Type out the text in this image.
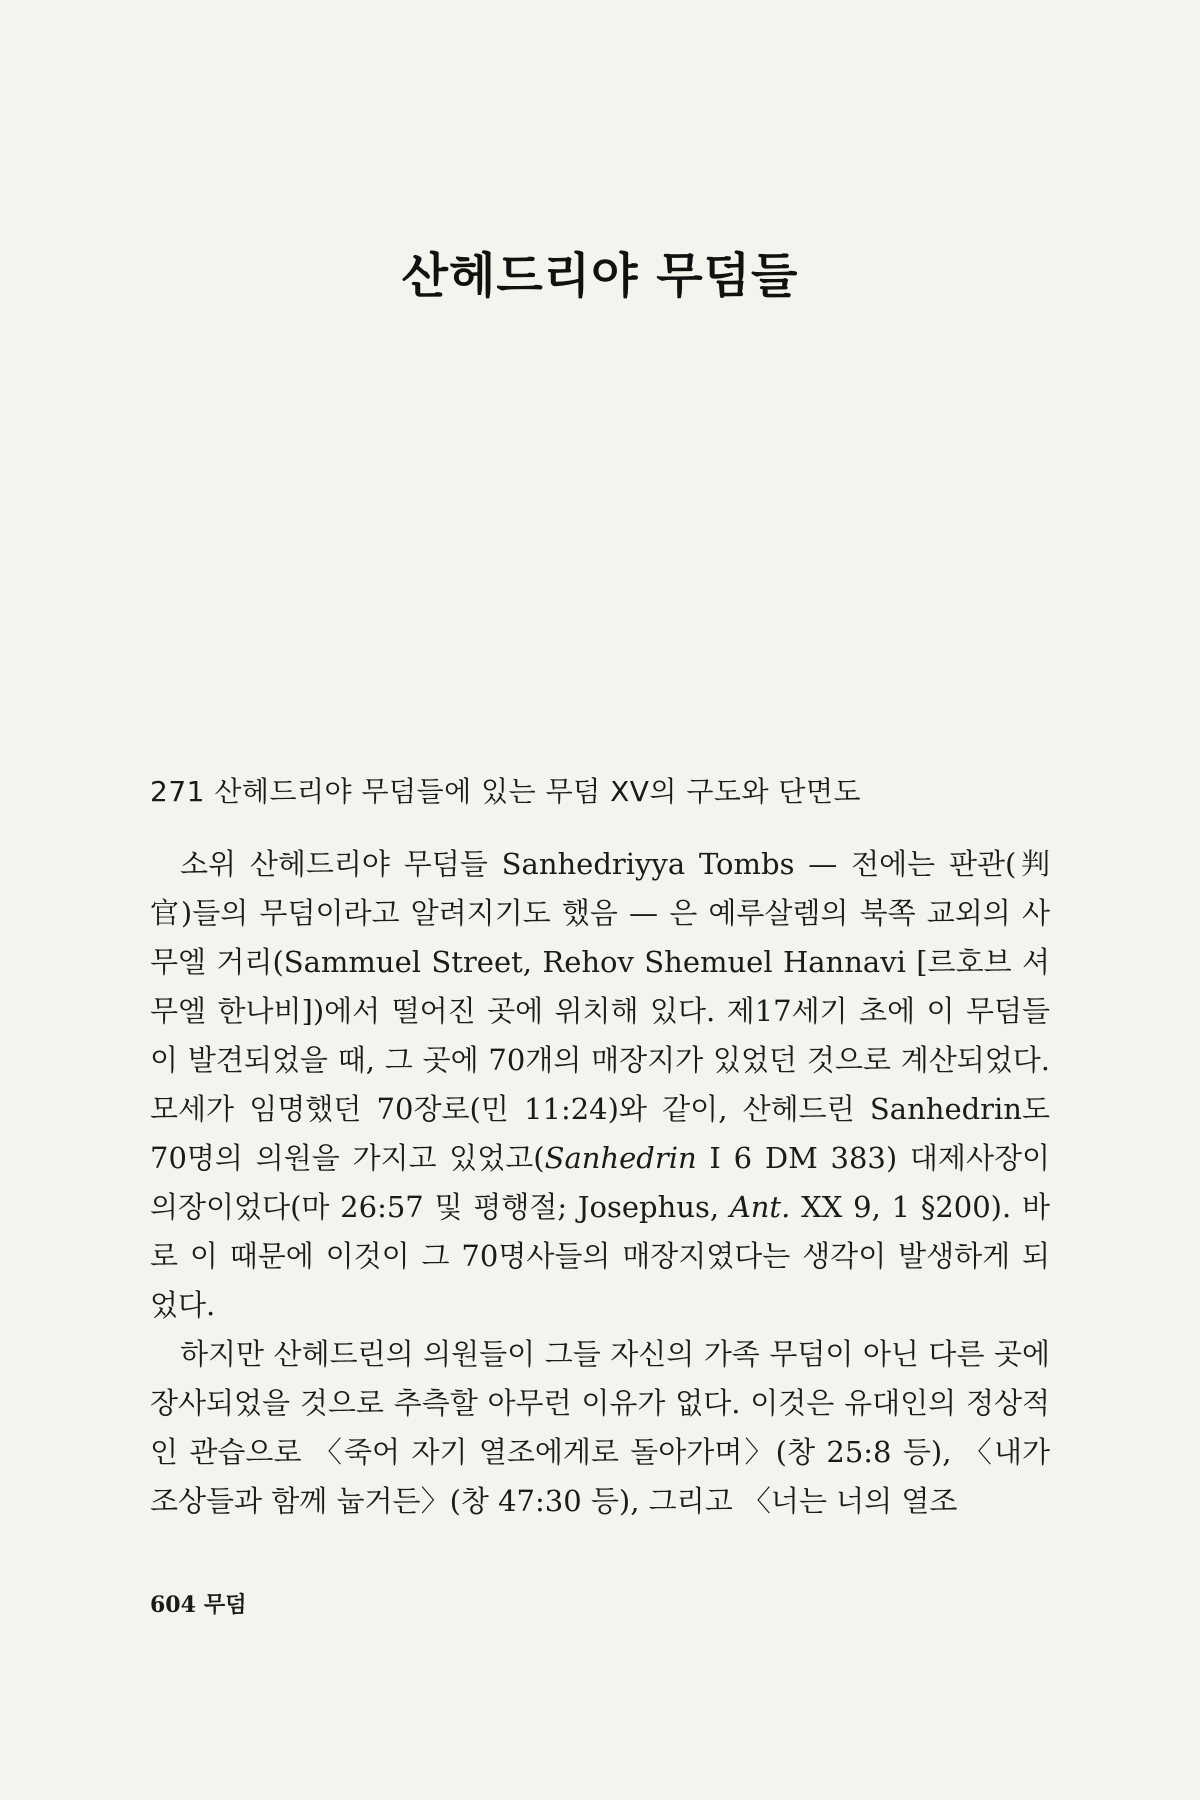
산헤드리야 무덤들
271 산헤드리야 무덤들에 있는 무덤 XV의 구도와 단면도

소위 산헤드리야 무덤들 Sanhedriyya Tombs — 전에는 판관(判官)들의 무덤이라고 알려지기도 했음 — 은 예루살렘의 북쪽 교외의 사무엘 거리(Sammuel Street, Rehov Shemuel Hannavi [르호브 셔무엘 한나비])에서 떨어진 곳에 위치해 있다. 제17세기 초에 이 무덤들이 발견되었을 때, 그 곳에 70개의 매장지가 있었던 것으로 계산되었다. 모세가 임명했던 70장로(민 11:24)와 같이, 산헤드린 Sanhedrin도 70명의 의원을 가지고 있었고(Sanhedrin I 6 DM 383) 대제사장이 의장이었다(마 26:57 및 평행절; Josephus, Ant. XX 9, 1 §200). 바로 이 때문에 이것이 그 70명사들의 매장지였다는 생각이 발생하게 되었다.

하지만 산헤드린의 의원들이 그들 자신의 가족 무덤이 아닌 다른 곳에 장사되었을 것으로 추측할 아무런 이유가 없다. 이것은 유대인의 정상적인 관습으로 〈죽어 자기 열조에게로 돌아가며〉(창 25:8 등), 〈내가 조상들과 함께 눕거든〉(창 47:30 등), 그리고 〈너는 너의 열조

604 무덤
